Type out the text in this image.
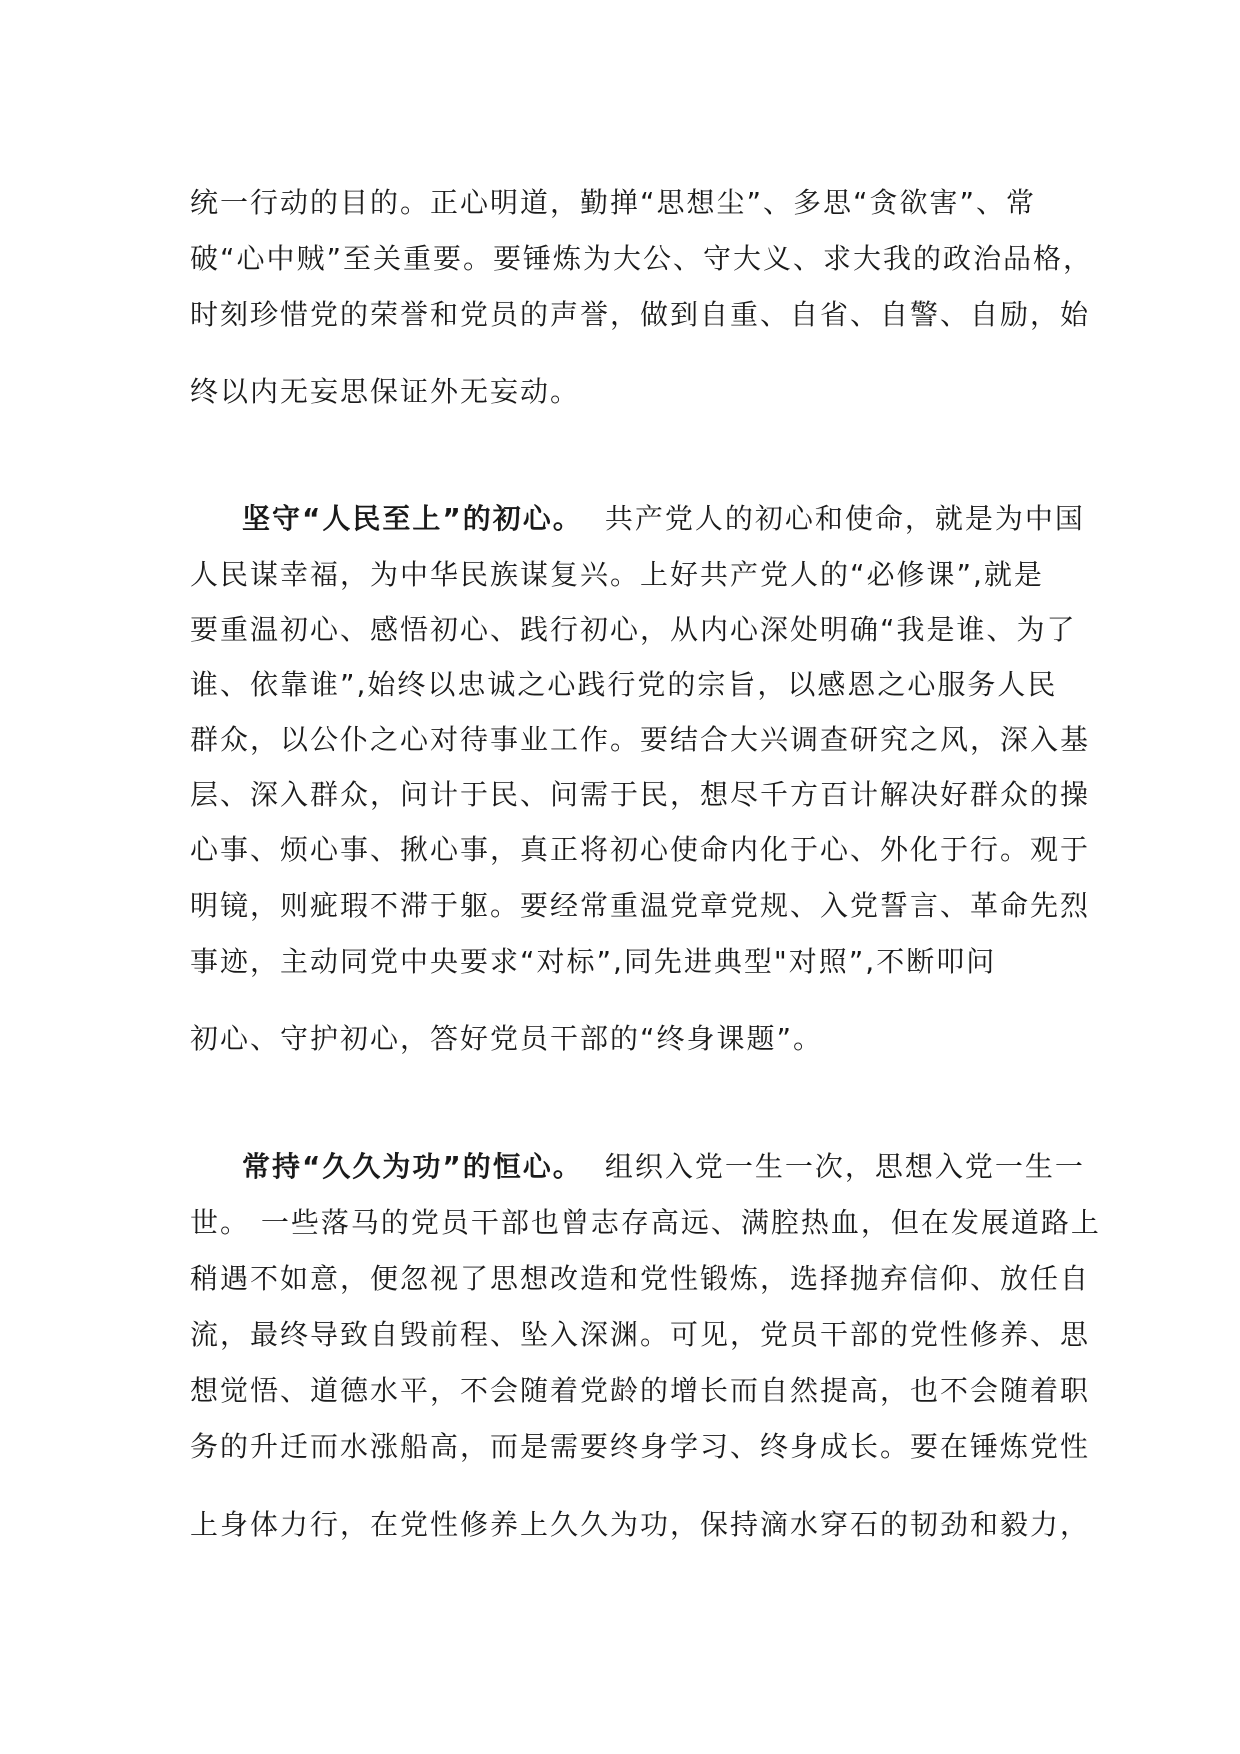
统一行动的目的。正心明道，勤掸“思想尘”、多思“贪欲害”、常
破“心中贼”至关重要。要锤炼为大公、守大义、求大我的政治品格，
时刻珍惜党的荣誉和党员的声誉，做到自重、自省、自警、自励，始
终以内无妄思保证外无妄动。
坚守“人民至上”的初心。 共产党人的初心和使命，就是为中国
人民谋幸福，为中华民族谋复兴。上好共产党人的“必修课”,就是
要重温初心、感悟初心、践行初心，从内心深处明确“我是谁、为了
谁、依靠谁”,始终以忠诚之心践行党的宗旨，以感恩之心服务人民
群众，以公仆之心对待事业工作。要结合大兴调查研究之风，深入基
层、深入群众，问计于民、问需于民，想尽千方百计解决好群众的操
心事、烦心事、揪心事，真正将初心使命内化于心、外化于行。观于
明镜，则疵瑕不滞于躯。要经常重温党章党规、入党誓言、革命先烈
事迹，主动同党中央要求“对标”,同先进典型"对照”,不断叩问
初心、守护初心，答好党员干部的“终身课题”。
常持“久久为功”的恒心。 组织入党一生一次，思想入党一生一
世。 一些落马的党员干部也曾志存高远、满腔热血，但在发展道路上
稍遇不如意，便忽视了思想改造和党性锻炼，选择抛弃信仰、放任自
流，最终导致自毁前程、坠入深渊。可见，党员干部的党性修养、思
想觉悟、道德水平，不会随着党龄的增长而自然提高，也不会随着职
务的升迁而水涨船高，而是需要终身学习、终身成长。要在锤炼党性
上身体力行，在党性修养上久久为功，保持滴水穿石的韧劲和毅力，
